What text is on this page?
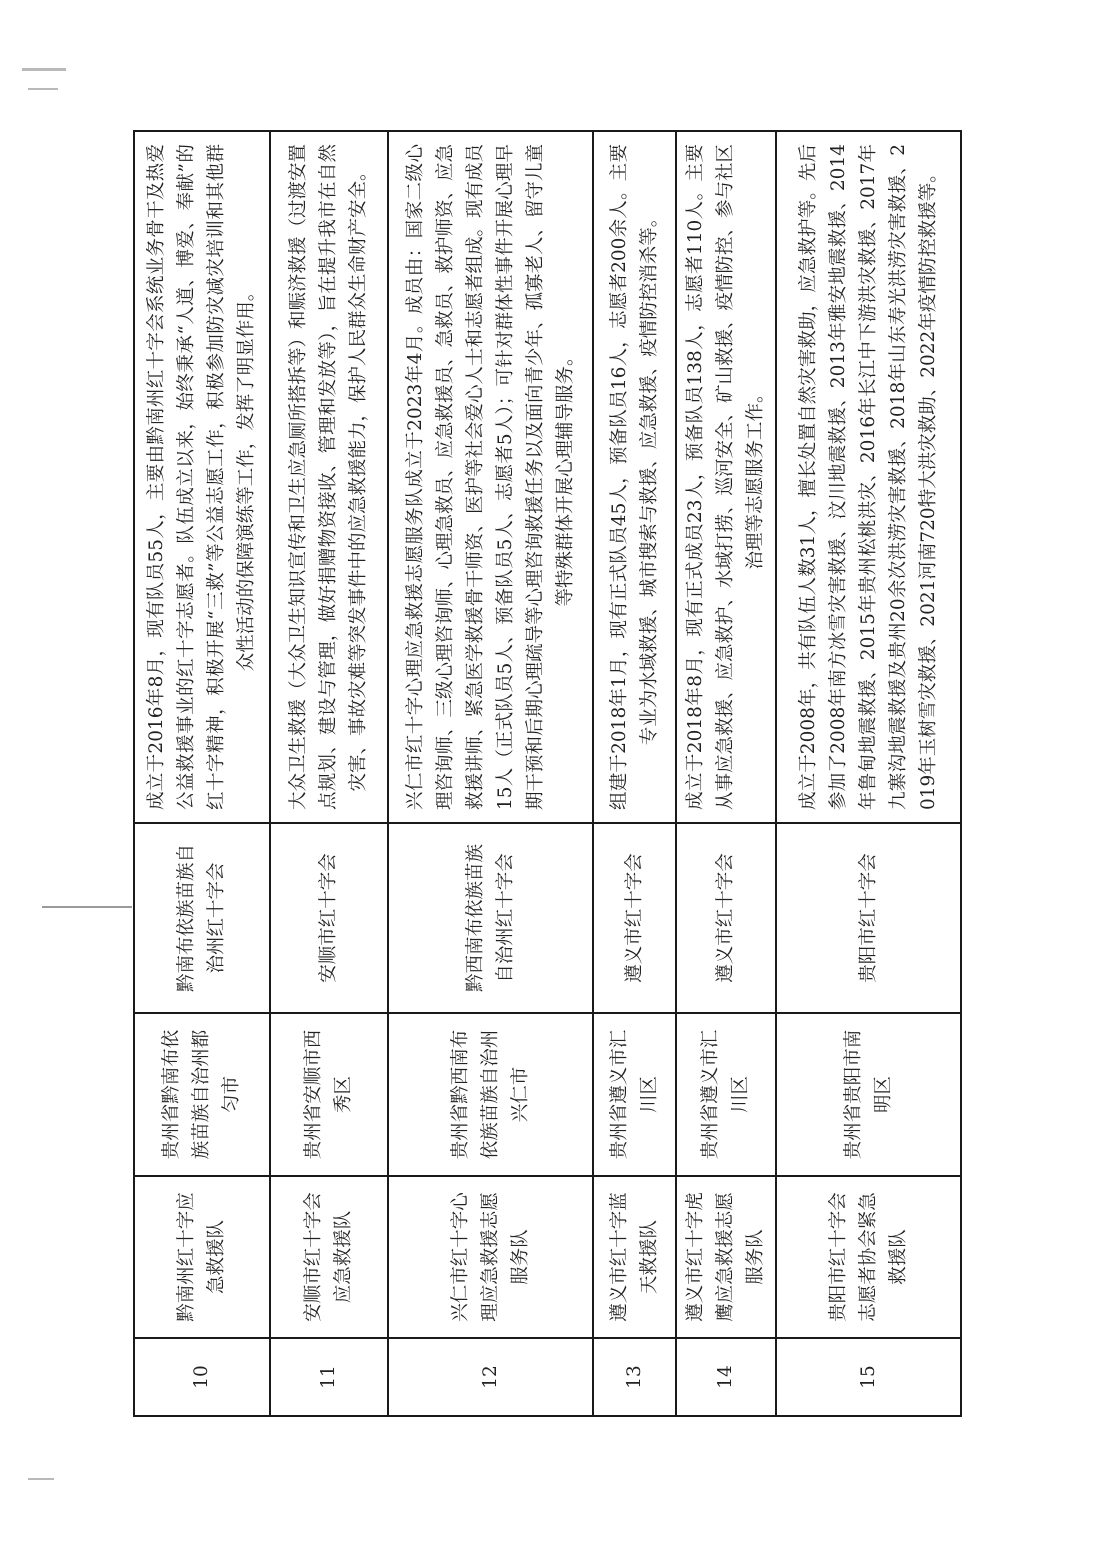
10	黔南州红十字应急救援队	贵州省黔南布依族苗族自治州都匀市	黔南布依族苗族自治州红十字会	成立于2016年8月，现有队员55人，主要由黔南州红十字会系统业务骨干及热爱公益救援事业的红十字志愿者。队伍成立以来，始终秉承“人道、博爱、奉献”的红十字精神，积极开展“三救”等公益志愿工作，积极参加防灾减灾培训和其他群众性活动的保障演练等工作，发挥了明显作用。
11	安顺市红十字会应急救援队	贵州省安顺市西秀区	安顺市红十字会	大众卫生救援（大众卫生知识宣传和卫生应急厕所搭拆等）和赈济救援（过渡安置点规划、建设与管理，做好捐赠物资接收、管理和发放等），旨在提升我市在自然灾害、事故灾难等突发事件中的应急救援能力，保护人民群众生命财产安全。
12	兴仁市红十字心理应急救援志愿服务队	贵州省黔西南布依族苗族自治州兴仁市	黔西南布依族苗族自治州红十字会	兴仁市红十字心理应急救援志愿服务队成立于2023年4月。成员由：国家二级心理咨询师、三级心理咨询师、心理急救员、应急救援员、急救员、救护师资、应急救援讲师、紧急医学救援骨干师资、医护等社会爱心人士和志愿者组成。现有成员15人（正式队员5人、预备队员5人、志愿者5人）；可针对群体性事件开展心理早期干预和后期心理疏导等心理咨询救援任务以及面向青少年、孤寡老人、留守儿童等特殊群体开展心理辅导服务。
13	遵义市红十字蓝天救援队	贵州省遵义市汇川区	遵义市红十字会	组建于2018年1月，现有正式队员45人，预备队员16人，志愿者200余人。主要专业为水域救援、城市搜索与救援、应急救援、疫情防控消杀等。
14	遵义市红十字虎鹰应急救援志愿服务队	贵州省遵义市汇川区	遵义市红十字会	成立于2018年8月，现有正式成员23人，预备队员138人，志愿者110人。主要从事应急救援、应急救护、水域打捞、巡河安全、矿山救援、疫情防控、参与社区治理等志愿服务工作。
15	贵阳市红十字会志愿者协会紧急救援队	贵州省贵阳市南明区	贵阳市红十字会	成立于2008年，共有队伍人数31人，擅长处置自然灾害救助，应急救护等。先后参加了2008年南方冰雪灾害救援、汶川地震救援、2013年雅安地震救援、2014年鲁甸地震救援、2015年贵州松桃洪灾、2016年长江中下游洪灾救援、2017年九寨沟地震救援及贵州20余次洪涝灾害救援、2018年山东寿光洪涝灾害救援、2019年玉树雪灾救援、2021河南720特大洪灾救助、2022年疫情防控救援等。
